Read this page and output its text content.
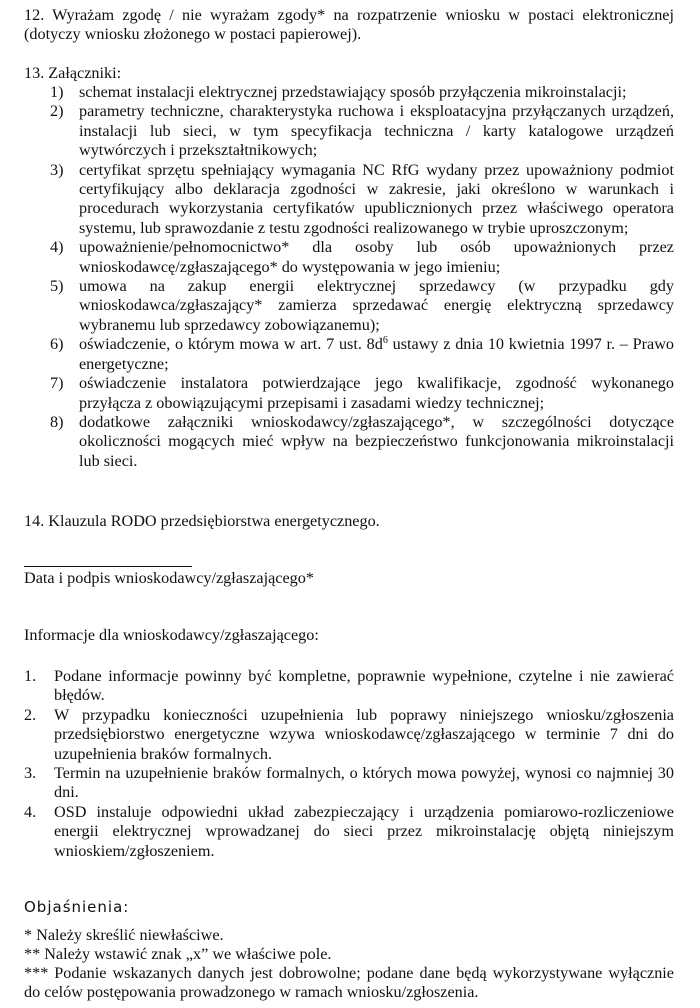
12. Wyrażam zgodę / nie wyrażam zgody* na rozpatrzenie wniosku w postaci elektronicznej (dotyczy wniosku złożonego w postaci papierowej).

13. Załączniki:

1) schemat instalacji elektrycznej przedstawiający sposób przyłączenia mikroinstalacji;
2) parametry techniczne, charakterystyka ruchowa i eksploatacyjna przyłączanych urządzeń, instalacji lub sieci, w tym specyfikacja techniczna / karty katalogowe urządzeń wytwórczych i przekształtnikowych;
3) certyfikat sprzętu spełniający wymagania NC RfG wydany przez upoważniony podmiot certyfikujący albo deklaracja zgodności w zakresie, jaki określono w warunkach i procedurach wykorzystania certyfikatów upublicznionych przez właściwego operatora systemu, lub sprawozdanie z testu zgodności realizowanego w trybie uproszczonym;
4) upoważnienie/pełnomocnictwo* dla osoby lub osób upoważnionych przez wnioskodawcę/zgłaszającego* do występowania w jego imieniu;
5) umowa na zakup energii elektrycznej sprzedawcy (w przypadku gdy wnioskodawca/zgłaszający* zamierza sprzedawać energię elektryczną sprzedawcy wybranemu lub sprzedawcy zobowiązanemu);
6) oświadczenie, o którym mowa w art. 7 ust. $8d^6$ ustawy z dnia 10 kwietnia 1997 r. – Prawo energetyczne;
7) oświadczenie instalatora potwierdzające jego kwalifikacje, zgodność wykonanego przyłącza z obowiązującymi przepisami i zasadami wiedzy technicznej;
8) dodatkowe załączniki wnioskodawcy/zgłaszającego*, w szczególności dotyczące okoliczności mogących mieć wpływ na bezpieczeństwo funkcjonowania mikroinstalacji lub sieci.

14. Klauzula RODO przedsiębiorstwa energetycznego.

Data i podpis wnioskodawcy/zgłaszającego*

Informacje dla wnioskodawcy/zgłaszającego:

1. Podane informacje powinny być kompletne, poprawnie wypełnione, czytelne i nie zawierać błędów.
2. W przypadku konieczności uzupełnienia lub poprawy niniejszego wniosku/zgłoszenia przedsiębiorstwo energetyczne wzywa wnioskodawcę/zgłaszającego w terminie 7 dni do uzupełnienia braków formalnych.
3. Termin na uzupełnienie braków formalnych, o których mowa powyżej, wynosi co najmniej 30 dni.
4. OSD instaluje odpowiedni układ zabezpieczający i urządzenia pomiarowo-rozliczeniowe energii elektrycznej wprowadzanej do sieci przez mikroinstalację objętą niniejszym wnioskiem/zgłoszeniem.

Objaśnienia:

* Należy skreślić niewłaściwe.

** Należy wstawić znak „x” we właściwe pole.

*** Podanie wskazanych danych jest dobrowolne; podane dane będą wykorzystywane wyłącznie do celów postępowania prowadzonego w ramach wniosku/zgłoszenia.
